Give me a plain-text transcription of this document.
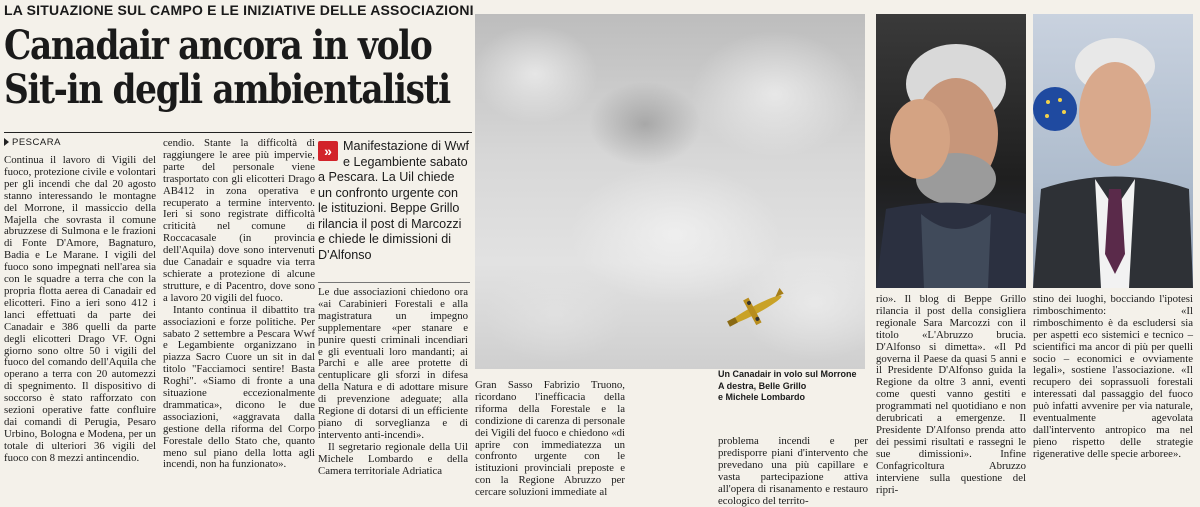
LA SITUAZIONE SUL CAMPO E LE INIZIATIVE DELLE ASSOCIAZIONI
Canadair ancora in volo
Sit-in degli ambientalisti
PESCARA

Continua il lavoro di Vigili del fuoco, protezione civile e volontari per gli incendi che dal 20 agosto stanno interessando le montagne del Morrone, il massiccio della Majella che sovrasta il comune abruzzese di Sulmona e le frazioni di Fonte D'Amore, Bagnaturo, Badia e Le Marane. I vigili del fuoco sono impegnati nell'area sia con le squadre a terra che con la propria flotta aerea di Canadair ed elicotteri. Fino a ieri sono 412 i lanci effettuati da parte dei Canadair e 386 quelli da parte degli elicotteri Drago VF. Ogni giorno sono oltre 50 i vigili del fuoco del comando dell'Aquila che operano a terra con 20 automezzi di spegnimento. Il dispositivo di soccorso è stato rafforzato con sezioni operative fatte confluire dai comandi di Perugia, Pesaro Urbino, Bologna e Modena, per un totale di ulteriori 36 vigili del fuoco con 8 mezzi antincendio.

cendio. Stante la difficoltà di raggiungere le aree più impervie, parte del personale viene trasportato con gli elicotteri Drago AB412 in zona operativa e recuperato a termine intervento. Ieri si sono registrate difficoltà criticità nel comune di Roccacasale (in provincia dell'Aquila) dove sono intervenuti due Canadair e squadre via terra schierate a protezione di alcune strutture, e di Pacentro, dove sono a lavoro 20 vigili del fuoco.

Intanto continua il dibattito tra associazioni e forze politiche. Per sabato 2 settembre a Pescara Wwf e Legambiente organizzano in piazza Sacro Cuore un sit in dal titolo "Facciamoci sentire! Basta Roghi". «Siamo di fronte a una situazione eccezionalmente drammatica», dicono le due associazioni, «aggravata dalla gestione della riforma del Corpo Forestale dello Stato che, quanto meno sul piano della lotta agli incendi, non ha funzionato».

» Manifestazione di Wwf e Legambiente sabato a Pescara. La Uil chiede un confronto urgente con le istituzioni. Beppe Grillo rilancia il post di Marcozzi e chiede le dimissioni di D'Alfonso

Le due associazioni chiedono ora «ai Carabinieri Forestali e alla magistratura un impegno supplementare «per stanare e punire questi criminali incendiari e gli eventuali loro mandanti; ai Parchi e alle aree protette di centuplicare gli sforzi in difesa della Natura e di adottare misure di prevenzione adeguate; alla Regione di dotarsi di un efficiente piano di sorveglianza e di intervento anti-incendi».

Il segretario regionale della Uil Michele Lombardo e della Camera territoriale Adriatica

Un Canadair in volo sul Morrone
A destra, Belle Grillo
e Michele Lombardo

Gran Sasso Fabrizio Truono, ricordano l'inefficacia della riforma della Forestale e la condizione di carenza di personale dei Vigili del fuoco e chiedono «di aprire con immediatezza un confronto urgente con le istituzioni provinciali preposte e con la Regione Abruzzo per cercare soluzioni immediate al

problema incendi e per predisporre piani d'intervento che prevedano una più capillare e vasta partecipazione attiva all'opera di risanamento e restauro ecologico del territo-

rio». Il blog di Beppe Grillo rilancia il post della consigliera regionale Sara Marcozzi con il titolo «L'Abruzzo brucia. D'Alfonso si dimetta». «Il Pd governa il Paese da quasi 5 anni e il Presidente D'Alfonso guida la Regione da oltre 3 anni, eventi come questi vanno gestiti e programmati nel quotidiano e non derubricati a emergenze. Il Presidente D'Alfonso prenda atto dei pessimi risultati e rassegni le sue dimissioni». Infine Confagricoltura Abruzzo interviene sulla questione del ripri-

stino dei luoghi, bocciando l'ipotesi rimboschimento: «Il rimboschimento è da escludersi sia per aspetti eco sistemici e tecnico – scientifici ma ancor di più per quelli socio – economici e ovviamente legali», sostiene l'associazione. «Il recupero dei soprassuoli forestali interessati dal passaggio del fuoco può infatti avvenire per via naturale, eventualmente agevolata dall'intervento antropico ma nel pieno rispetto delle strategie rigenerative delle specie arboree».
